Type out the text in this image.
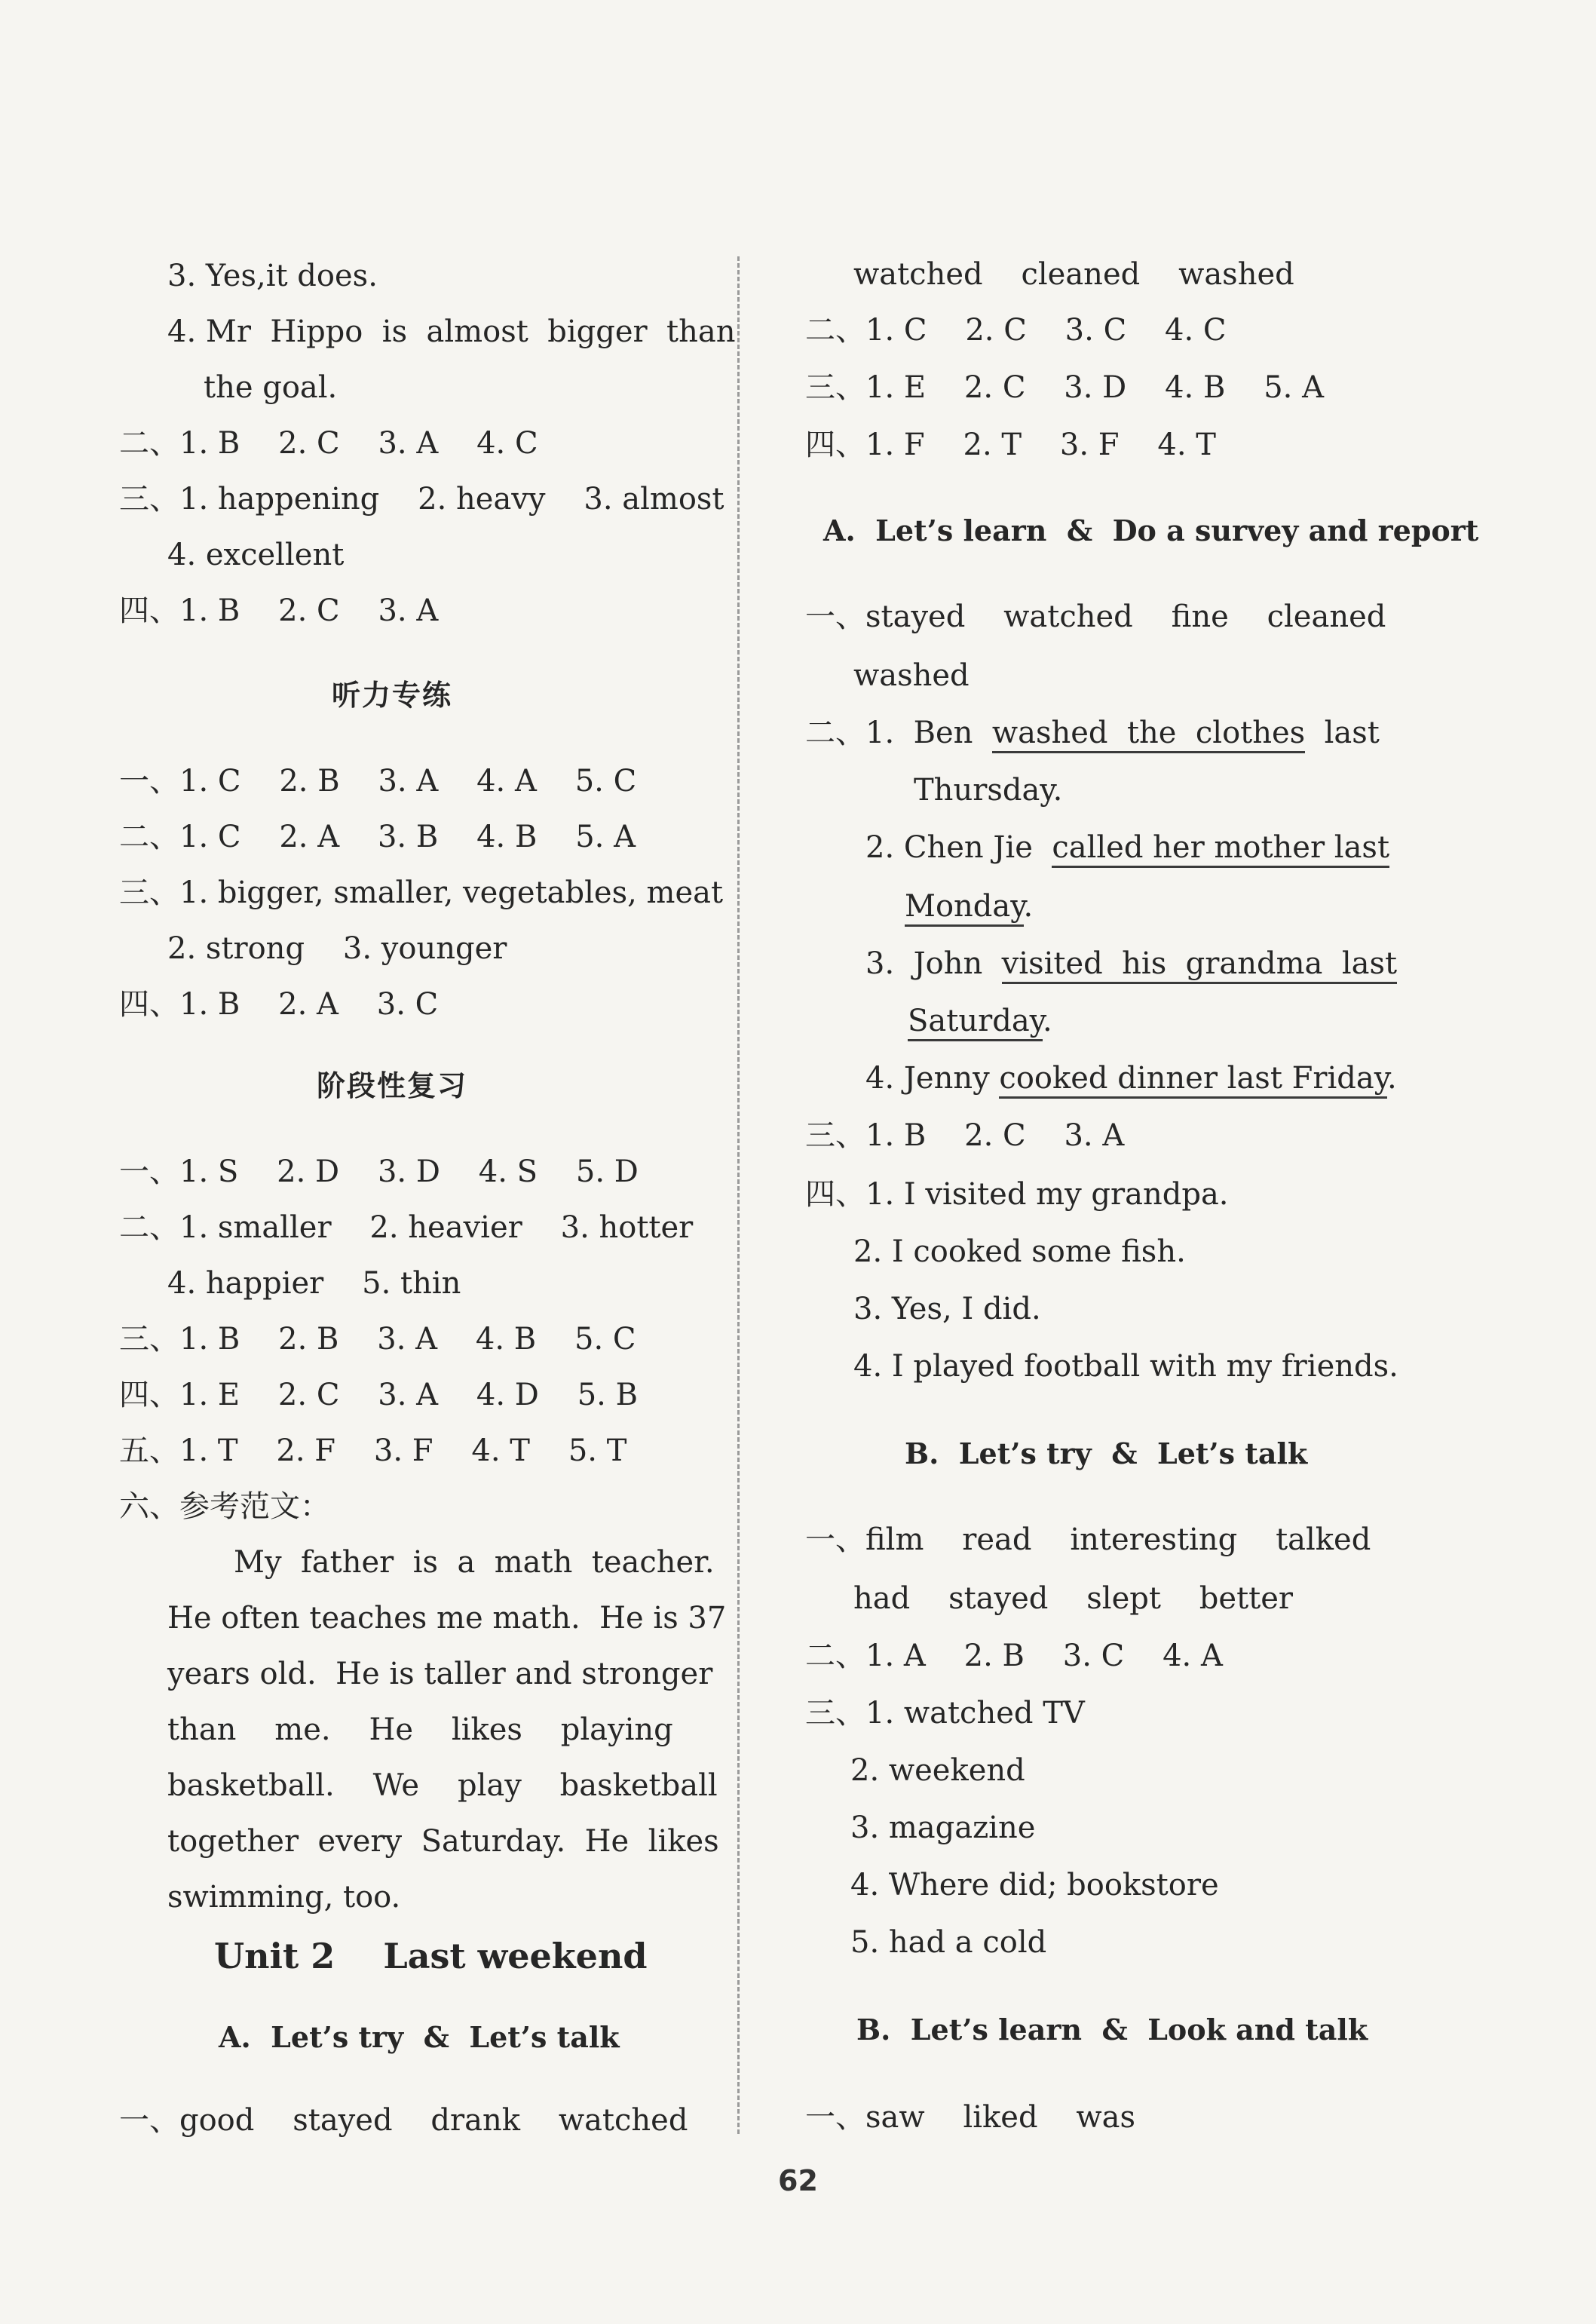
3. Yes,it does.
4. Mr  Hippo  is  almost  bigger  than
the goal.
二、1. B    2. C    3. A    4. C
三、1. happening    2. heavy    3. almost
4. excellent
四、1. B    2. C    3. A
听力专练
一、1. C    2. B    3. A    4. A    5. C
二、1. C    2. A    3. B    4. B    5. A
三、1. bigger, smaller, vegetables, meat
2. strong    3. younger
四、1. B    2. A    3. C
阶段性复习
一、1. S    2. D    3. D    4. S    5. D
二、1. smaller    2. heavier    3. hotter
4. happier    5. thin
三、1. B    2. B    3. A    4. B    5. C
四、1. E    2. C    3. A    4. D    5. B
五、1. T    2. F    3. F    4. T    5. T
六、参考范文：
My  father  is  a  math  teacher.
He often teaches me math.  He is 37
years old.  He is taller and stronger
than    me.    He    likes    playing
basketball.    We    play    basketball
together  every  Saturday.  He  likes
swimming, too.
Unit 2    Last weekend
A.  Let’s try  &  Let’s talk
一、good    stayed    drank    watched
watched    cleaned    washed
二、1. C    2. C    3. C    4. C
三、1. E    2. C    3. D    4. B    5. A
四、1. F    2. T    3. F    4. T
A.  Let’s learn  &  Do a survey and report
一、stayed    watched    fine    cleaned
washed
二、1.  Ben  washed  the  clothes  last
Thursday.
2. Chen Jie  called her mother last
Monday.
3.  John  visited  his  grandma  last
Saturday.
4. Jenny cooked dinner last Friday.
三、1. B    2. C    3. A
四、1. I visited my grandpa.
2. I cooked some fish.
3. Yes, I did.
4. I played football with my friends.
B.  Let’s try  &  Let’s talk
一、film    read    interesting    talked
had    stayed    slept    better
二、1. A    2. B    3. C    4. A
三、1. watched TV
2. weekend
3. magazine
4. Where did; bookstore
5. had a cold
B.  Let’s learn  &  Look and talk
一、saw    liked    was
62
